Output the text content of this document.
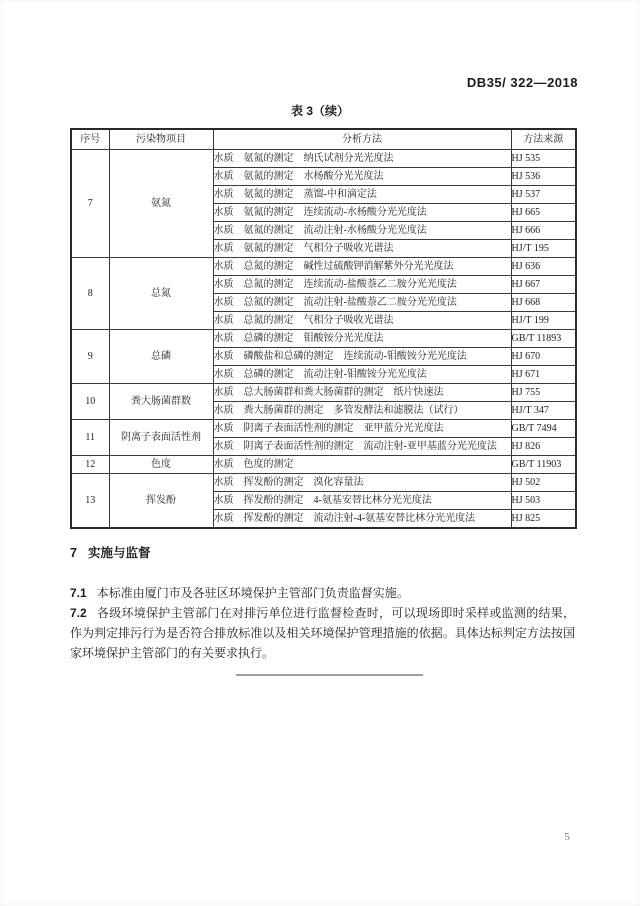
DB35/ 322—2018
表 3（续）
序号	污染物项目	分析方法	方法来源
7	氨氮	水质　氨氮的测定　纳氏试剂分光光度法	HJ 535
		水质　氨氮的测定　水杨酸分光光度法	HJ 536
		水质　氨氮的测定　蒸馏-中和滴定法	HJ 537
		水质　氨氮的测定　连续流动-水杨酸分光光度法	HJ 665
		水质　氨氮的测定　流动注射-水杨酸分光光度法	HJ 666
		水质　氨氮的测定　气相分子吸收光谱法	HJ/T 195
8	总氮	水质　总氮的测定　碱性过硫酸钾消解紫外分光光度法	HJ 636
		水质　总氮的测定　连续流动-盐酸萘乙二胺分光光度法	HJ 667
		水质　总氮的测定　流动注射-盐酸萘乙二胺分光光度法	HJ 668
		水质　总氮的测定　气相分子吸收光谱法	HJ/T 199
9	总磷	水质　总磷的测定　钼酸铵分光光度法	GB/T 11893
		水质　磷酸盐和总磷的测定　连续流动-钼酸铵分光光度法	HJ 670
		水质　总磷的测定　流动注射-钼酸铵分光光度法	HJ 671
10	粪大肠菌群数	水质　总大肠菌群和粪大肠菌群的测定　纸片快速法	HJ 755
		水质　粪大肠菌群的测定　多管发酵法和滤膜法（试行）	HJ/T 347
11	阴离子表面活性剂	水质　阴离子表面活性剂的测定　亚甲蓝分光光度法	GB/T 7494
		水质　阴离子表面活性剂的测定　流动注射-亚甲基蓝分光光度法	HJ 826
12	色度	水质　色度的测定	GB/T 11903
13	挥发酚	水质　挥发酚的测定　溴化容量法	HJ 502
		水质　挥发酚的测定　4-氨基安替比林分光光度法	HJ 503
		水质　挥发酚的测定　流动注射-4-氨基安替比林分光光度法	HJ 825

7 实施与监督

7.1 本标准由厦门市及各驻区环境保护主管部门负责监督实施。

7.2 各级环境保护主管部门在对排污单位进行监督检查时，可以现场即时采样或监测的结果，作为判定排污行为是否符合排放标准以及相关环境保护管理措施的依据。具体达标判定方法按国家环境保护主管部门的有关要求执行。

5
